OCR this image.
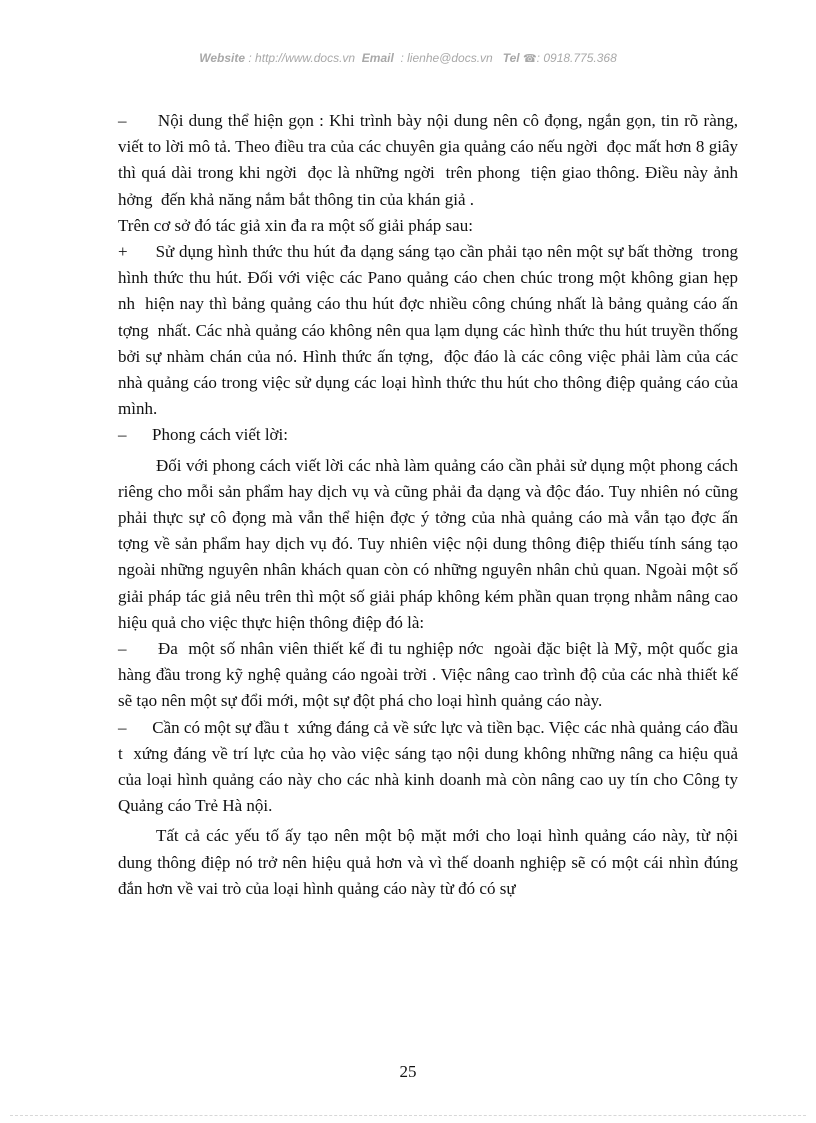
Website : http://www.docs.vn Email : lienhe@docs.vn Tel ☎: 0918.775.368

–      Nội dung thể hiện gọn : Khi trình bày nội dung nên cô đọng, ngắn gọn, tin rõ ràng, viết to lời mô tả. Theo điều tra của các chuyên gia quảng cáo nếu ngời  đọc mất hơn 8 giây thì quá dài trong khi ngời  đọc là những ngời  trên phong  tiện giao thông. Điều này ảnh hởng  đến khả năng nắm bắt thông tin của khán giả .

Trên cơ sở đó tác giả xin đa ra một số giải pháp sau:

+      Sử dụng hình thức thu hút đa dạng sáng tạo cần phải tạo nên một sự bất thờng  trong hình thức thu hút. Đối với việc các Pano quảng cáo chen chúc trong một không gian hẹp nh  hiện nay thì bảng quảng cáo thu hút đợc nhiều công chúng nhất là bảng quảng cáo ấn tợng  nhất. Các nhà quảng cáo không nên qua lạm dụng các hình thức thu hút truyền thống bởi sự nhàm chán của nó. Hình thức ấn tợng,  độc đáo là các công việc phải làm của các nhà quảng cáo trong việc sử dụng các loại hình thức thu hút cho thông điệp quảng cáo của mình.

–      Phong cách viết lời:

Đối với phong cách viết lời các nhà làm quảng cáo cần phải sử dụng một phong cách riêng cho mỗi sản phẩm hay dịch vụ và cũng phải đa dạng và độc đáo. Tuy nhiên nó cũng phải thực sự cô đọng mà vẫn thể hiện đợc ý tởng của nhà quảng cáo mà vẫn tạo đợc ấn tợng về sản phẩm hay dịch vụ đó. Tuy nhiên việc nội dung thông điệp thiếu tính sáng tạo ngoài những nguyên nhân khách quan còn có những nguyên nhân chủ quan. Ngoài một số giải pháp tác giả nêu trên thì một số giải pháp không kém phần quan trọng nhằm nâng cao hiệu quả cho việc thực hiện thông điệp đó là:

–      Đa  một số nhân viên thiết kế đi tu nghiệp nớc  ngoài đặc biệt là Mỹ, một quốc gia hàng đầu trong kỹ nghệ quảng cáo ngoài trời . Việc nâng cao trình độ của các nhà thiết kế sẽ tạo nên một sự đổi mới, một sự đột phá cho loại hình quảng cáo này.

–      Cần có một sự đầu t  xứng đáng cả về sức lực và tiền bạc. Việc các nhà quảng cáo đầu t  xứng đáng về trí lực của họ vào việc sáng tạo nội dung không những nâng ca hiệu quả của loại hình quảng cáo này cho các nhà kinh doanh mà còn nâng cao uy tín cho Công ty Quảng cáo Trẻ Hà nội.

Tất cả các yếu tố ấy tạo nên một bộ mặt mới cho loại hình quảng cáo này, từ nội dung thông điệp nó trở nên hiệu quả hơn và vì thế doanh nghiệp sẽ có một cái nhìn đúng đắn hơn về vai trò của loại hình quảng cáo này từ đó có sự

25
